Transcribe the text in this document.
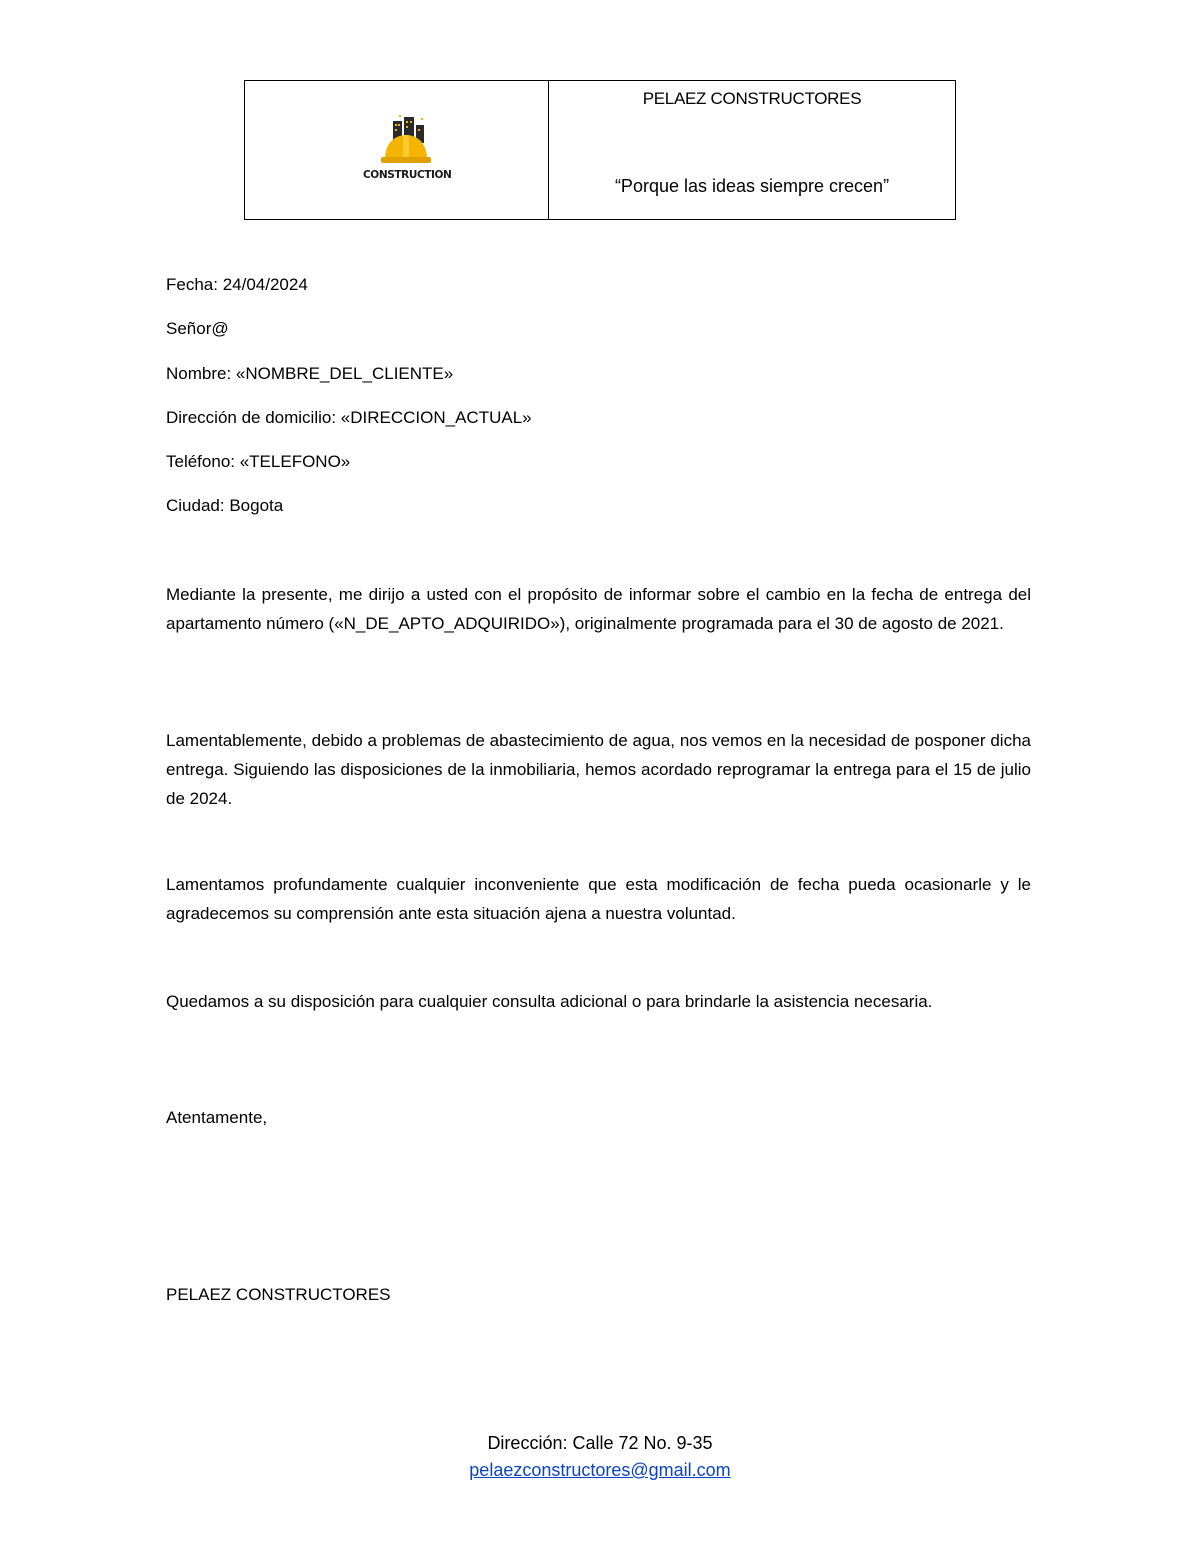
CONSTRUCTION
PELAEZ CONSTRUCTORES
“Porque las ideas siempre crecen”
Fecha: 24/04/2024
Señor@
Nombre: «NOMBRE_DEL_CLIENTE»
Dirección de domicilio: «DIRECCION_ACTUAL»
Teléfono: «TELEFONO»
Ciudad: Bogota
Mediante la presente, me dirijo a usted con el propósito de informar sobre el cambio en la fecha de entrega del apartamento número («N_DE_APTO_ADQUIRIDO»), originalmente programada para el 30 de agosto de 2021.
Lamentablemente, debido a problemas de abastecimiento de agua, nos vemos en la necesidad de posponer dicha entrega. Siguiendo las disposiciones de la inmobiliaria, hemos acordado reprogramar la entrega para el 15 de julio de 2024.
Lamentamos profundamente cualquier inconveniente que esta modificación de fecha pueda ocasionarle y le agradecemos su comprensión ante esta situación ajena a nuestra voluntad.
Quedamos a su disposición para cualquier consulta adicional o para brindarle la asistencia necesaria.
Atentamente,
PELAEZ CONSTRUCTORES
Dirección: Calle 72 No. 9-35
pelaezconstructores@gmail.com
